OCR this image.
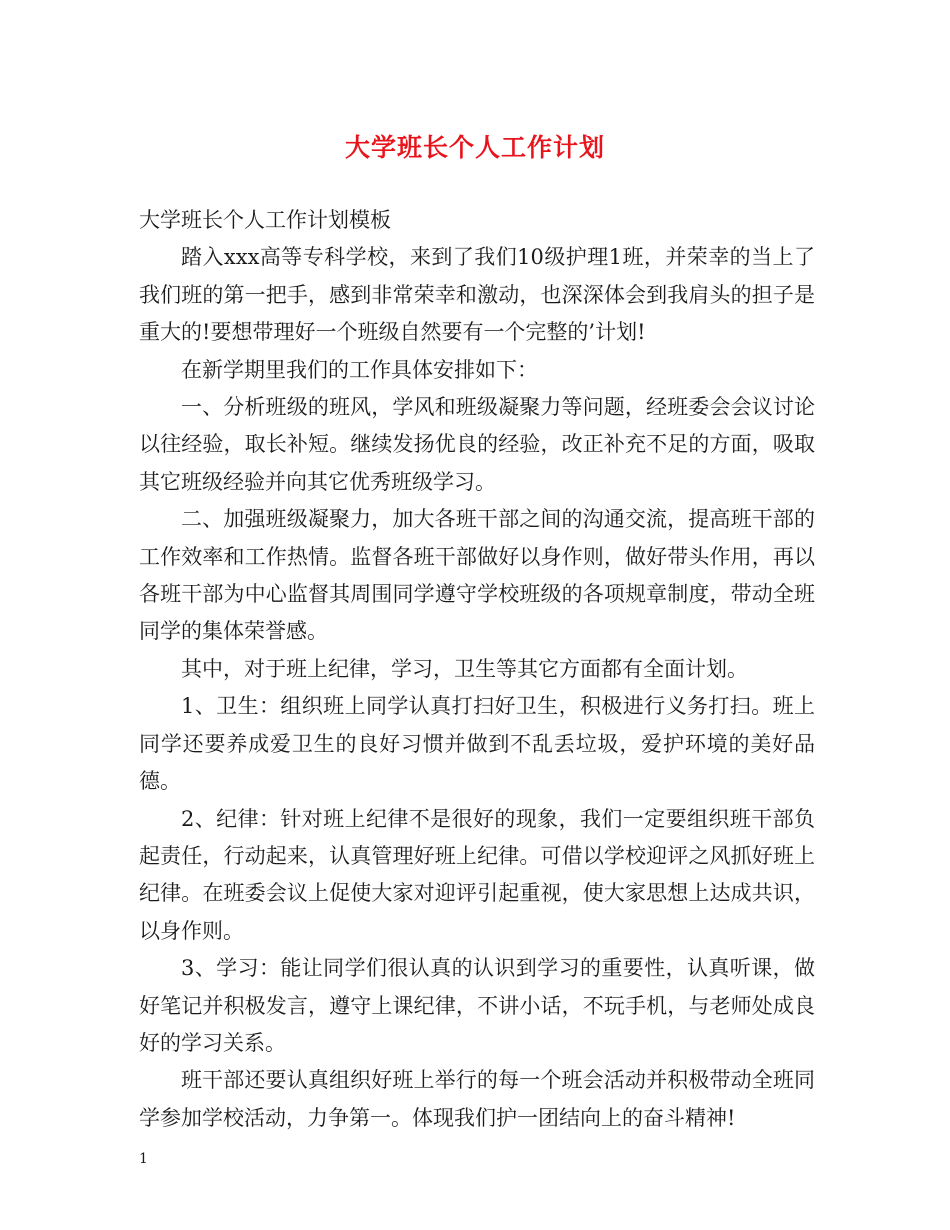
大学班长个人工作计划

大学班长个人工作计划模板

踏入xxx高等专科学校，来到了我们10级护理1班，并荣幸的当上了我们班的第一把手，感到非常荣幸和激动，也深深体会到我肩头的担子是重大的!要想带理好一个班级自然要有一个完整的’计划!

在新学期里我们的工作具体安排如下：

一、分析班级的班风，学风和班级凝聚力等问题，经班委会会议讨论以往经验，取长补短。继续发扬优良的经验，改正补充不足的方面，吸取其它班级经验并向其它优秀班级学习。

二、加强班级凝聚力，加大各班干部之间的沟通交流，提高班干部的工作效率和工作热情。监督各班干部做好以身作则，做好带头作用，再以各班干部为中心监督其周围同学遵守学校班级的各项规章制度，带动全班同学的集体荣誉感。

其中，对于班上纪律，学习，卫生等其它方面都有全面计划。

1、卫生：组织班上同学认真打扫好卫生，积极进行义务打扫。班上同学还要养成爱卫生的良好习惯并做到不乱丢垃圾，爱护环境的美好品德。

2、纪律：针对班上纪律不是很好的现象，我们一定要组织班干部负起责任，行动起来，认真管理好班上纪律。可借以学校迎评之风抓好班上纪律。在班委会议上促使大家对迎评引起重视，使大家思想上达成共识，以身作则。

3、学习：能让同学们很认真的认识到学习的重要性，认真听课，做好笔记并积极发言，遵守上课纪律，不讲小话，不玩手机，与老师处成良好的学习关系。

班干部还要认真组织好班上举行的每一个班会活动并积极带动全班同学参加学校活动，力争第一。体现我们护一团结向上的奋斗精神!

1
